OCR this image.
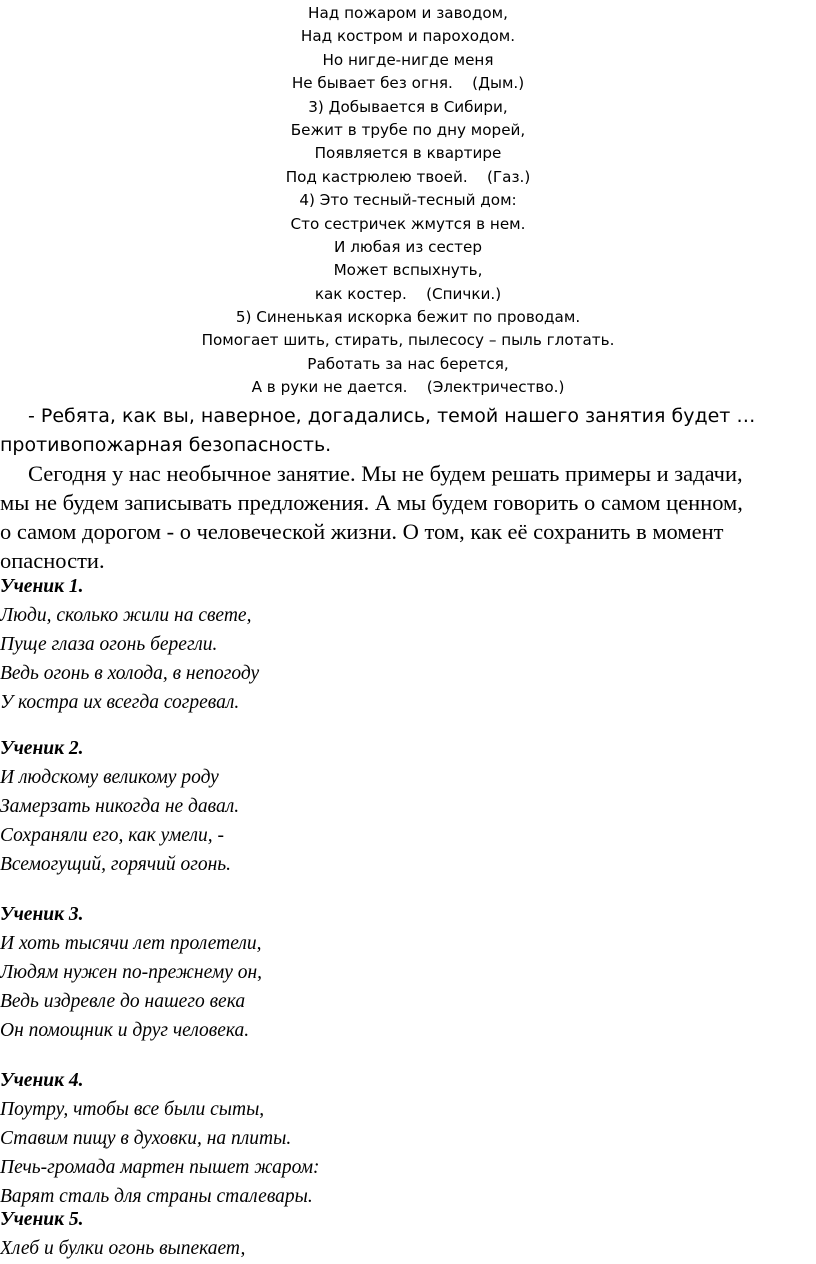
Над пожаром и заводом,
Над костром и пароходом.
Но нигде-нигде меня
Не бывает без огня.    (Дым.)
3) Добывается в Сибири,
Бежит в трубе по дну морей,
Появляется в квартире
Под кастрюлею твоей.    (Газ.)
4) Это тесный-тесный дом:
Сто сестричек жмутся в нем.
И любая из сестер
Может вспыхнуть,
как костер.    (Спички.)
5) Синенькая искорка бежит по проводам.
Помогает шить, стирать, пылесосу – пыль глотать.
Работать за нас берется,
А в руки не дается.    (Электричество.)
- Ребята, как вы, наверное, догадались, темой нашего занятия будет …
противопожарная безопасность.
Сегодня у нас необычное занятие. Мы не будем решать примеры и задачи,
мы не будем записывать предложения. А мы будем говорить о самом ценном,
о самом дорогом - о человеческой жизни. О том, как её сохранить в момент
опасности.
Ученик 1.
Люди, сколько жили на свете,
Пуще глаза огонь берегли.
Ведь огонь в холода, в непогоду
У костра их всегда согревал.
Ученик 2.
И людскому великому роду
Замерзать никогда не давал.
Сохраняли его, как умели, -
Всемогущий, горячий огонь.
Ученик 3.
И хоть тысячи лет пролетели,
Людям нужен по-прежнему он,
Ведь издревле до нашего века
Он помощник и друг человека.
Ученик 4.
Поутру, чтобы все были сыты,
Ставим пищу в духовки, на плиты.
Печь-громада мартен пышет жаром:
Варят сталь для страны сталевары.
Ученик 5.
Хлеб и булки огонь выпекает,
